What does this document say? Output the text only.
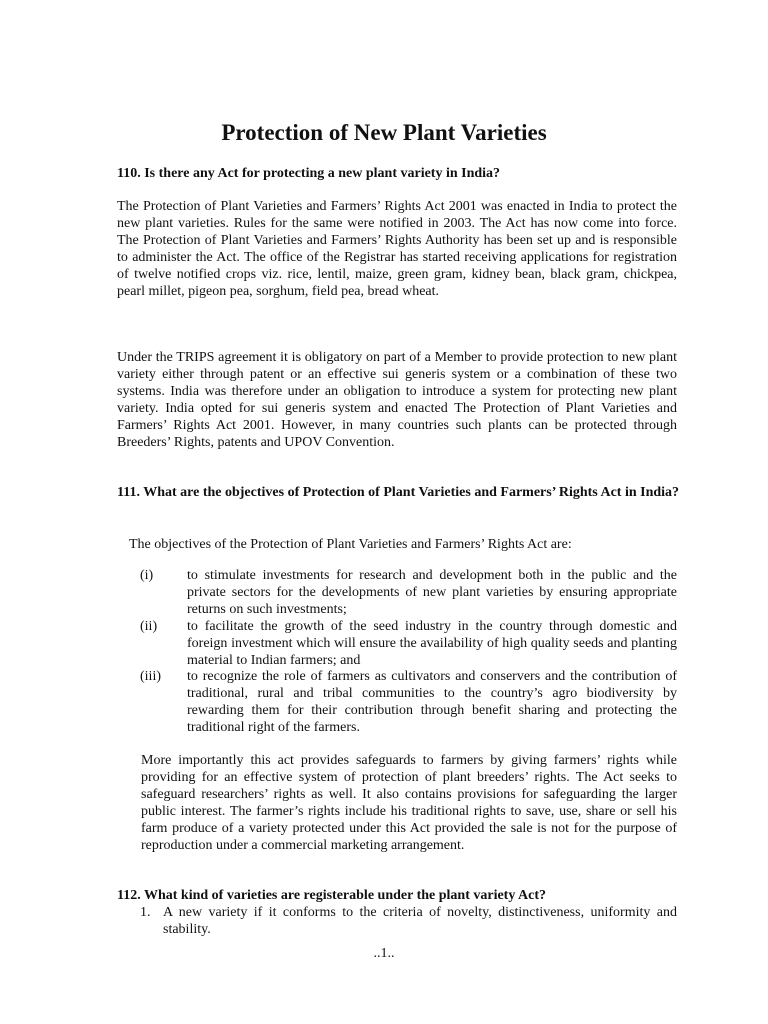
Protection of New Plant Varieties

110. Is there any Act for protecting a new plant variety in India?

The Protection of Plant Varieties and Farmers’ Rights Act 2001 was enacted in India to protect the new plant varieties. Rules for the same were notified in 2003. The Act has now come into force. The Protection of Plant Varieties and Farmers’ Rights Authority has been set up and is responsible to administer the Act. The office of the Registrar has started receiving applications for registration of twelve notified crops viz. rice, lentil, maize, green gram, kidney bean, black gram, chickpea, pearl millet, pigeon pea, sorghum, field pea, bread wheat.

Under the TRIPS agreement it is obligatory on part of a Member to provide protection to new plant variety either through patent or an effective sui generis system or a combination of these two systems. India was therefore under an obligation to introduce a system for protecting new plant variety. India opted for sui generis system and enacted The Protection of Plant Varieties and Farmers’ Rights Act 2001. However, in many countries such plants can be protected through Breeders’ Rights, patents and UPOV Convention.

111. What are the objectives of Protection of Plant Varieties and Farmers’ Rights Act in India?

The objectives of the Protection of Plant Varieties and Farmers’ Rights Act are:

(i) to stimulate investments for research and development both in the public and the private sectors for the developments of new plant varieties by ensuring appropriate returns on such investments;

(ii) to facilitate the growth of the seed industry in the country through domestic and foreign investment which will ensure the availability of high quality seeds and planting material to Indian farmers; and

(iii) to recognize the role of farmers as cultivators and conservers and the contribution of traditional, rural and tribal communities to the country’s agro biodiversity by rewarding them for their contribution through benefit sharing and protecting the traditional right of the farmers.

More importantly this act provides safeguards to farmers by giving farmers’ rights while providing for an effective system of protection of plant breeders’ rights. The Act seeks to safeguard researchers’ rights as well. It also contains provisions for safeguarding the larger public interest. The farmer’s rights include his traditional rights to save, use, share or sell his farm produce of a variety protected under this Act provided the sale is not for the purpose of reproduction under a commercial marketing arrangement.

112. What kind of varieties are registerable under the plant variety Act?

1. A new variety if it conforms to the criteria of novelty, distinctiveness, uniformity and stability.

..1..
